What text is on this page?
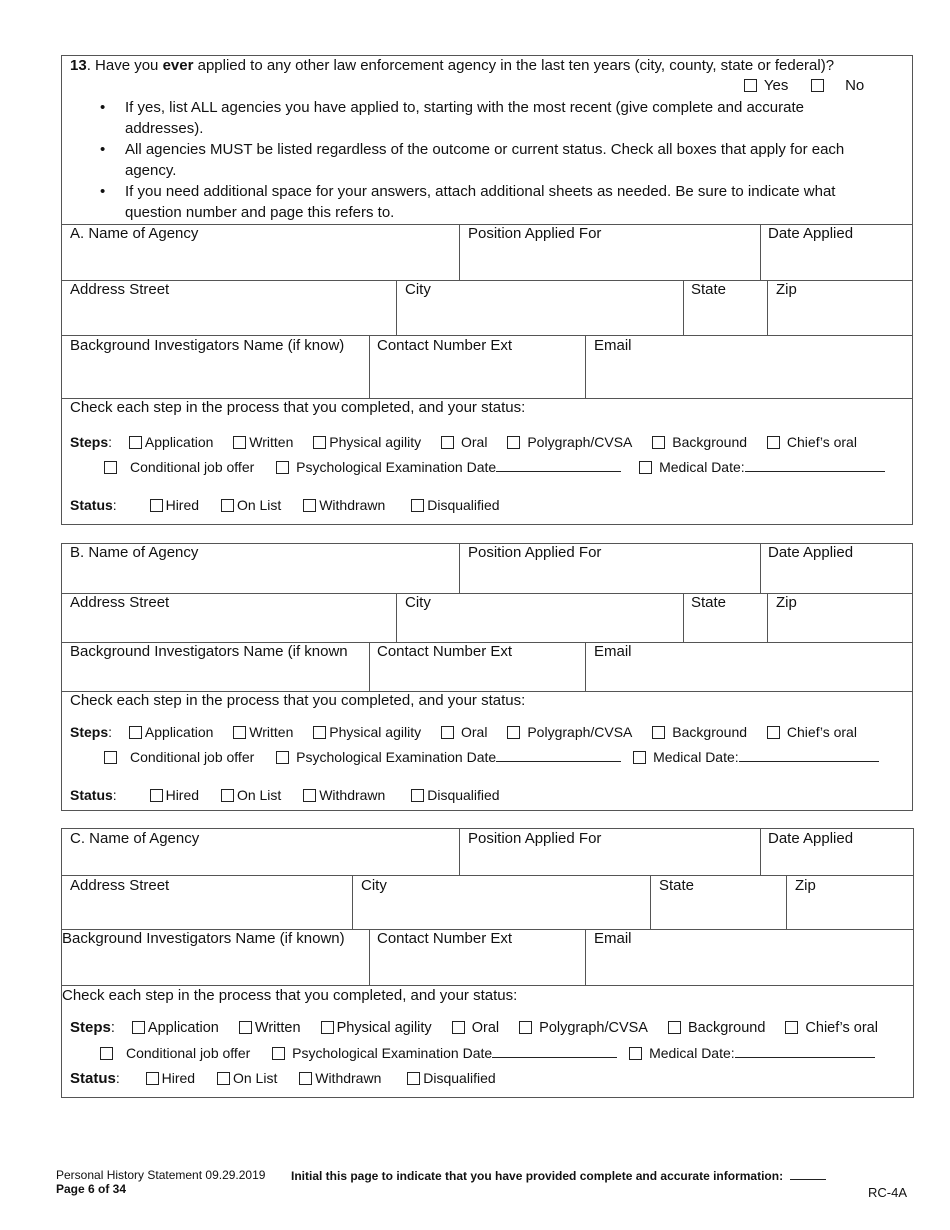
13. Have you ever applied to any other law enforcement agency in the last ten years (city, county, state or federal)?
Yes	No
• If yes, list ALL agencies you have applied to, starting with the most recent (give complete and accurate addresses).
• All agencies MUST be listed regardless of the outcome or current status. Check all boxes that apply for each agency.
• If you need additional space for your answers, attach additional sheets as needed. Be sure to indicate what question number and page this refers to.
A. Name of Agency	Position Applied For	Date Applied
Address Street	City	State	Zip
Background Investigators Name (if know) Contact Number Ext	Email
Check each step in the process that you completed, and your status:
Steps: Application	Written	Physical agility	Oral	Polygraph/CVSA	Background	Chief’s oral
Conditional job offer	Psychological Examination Date	Medical Date:
Status:	Hired	On List	Withdrawn	Disqualified
B. Name of Agency	Position Applied For	Date Applied
Address Street	City	State	Zip
Background Investigators Name (if known Contact Number Ext	Email
Check each step in the process that you completed, and your status:
Steps: Application	Written	Physical agility	Oral	Polygraph/CVSA	Background	Chief’s oral
Conditional job offer	Psychological Examination Date	Medical Date:
Status:	Hired	On List	Withdrawn	Disqualified
C. Name of Agency	Position Applied For	Date Applied
Address Street	City	State	Zip
Background Investigators Name (if known) Contact Number Ext	Email
Check each step in the process that you completed, and your status:
Steps: Application Written Physical agility	Oral	Polygraph/CVSA	Background	Chief’s oral
Conditional job offer	Psychological Examination Date	Medical Date:
Status:	Hired	On List	Withdrawn	Disqualified
Personal History Statement 09.29.2019 Initial this page to indicate that you have provided complete and accurate information:
Page 6 of 34	RC-4A
